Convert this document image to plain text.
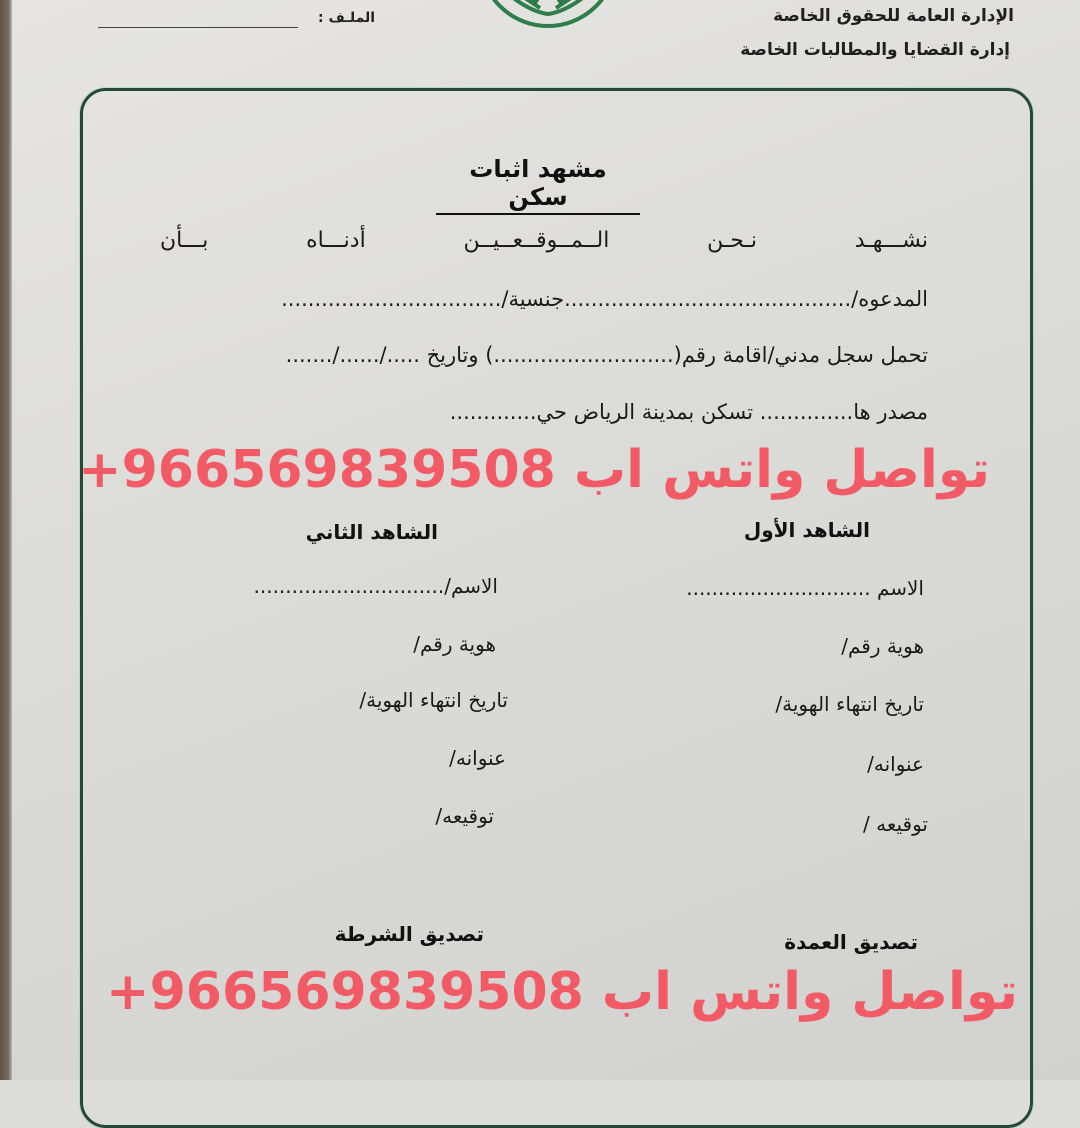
الإدارة العامة للحقوق الخاصة
إدارة القضايا والمطالبات الخاصة
الملـف :
مشهد اثبات سكن
نشـــهـد
نـحـن
الــمــوقــعــيــن
أدنـــاه
بـــأن
المدعوه/...........................................جنسية/.................................
تحمل سجل مدني/اقامة رقم(...........................) وتاريخ ...../....../.......
مصدر ها.............. تسكن بمدينة الرياض حي.............
تواصل واتس اب 966569839508+
الشاهد الأول
الشاهد الثاني
الاسم .............................
هوية رقم/
تاريخ انتهاء الهوية/
عنوانه/
توقيعه /
الاسم/..............................
هوية رقم/
تاريخ انتهاء الهوية/
عنوانه/
توقيعه/
تصديق العمدة
تصديق الشرطة
تواصل واتس اب 966569839508+
